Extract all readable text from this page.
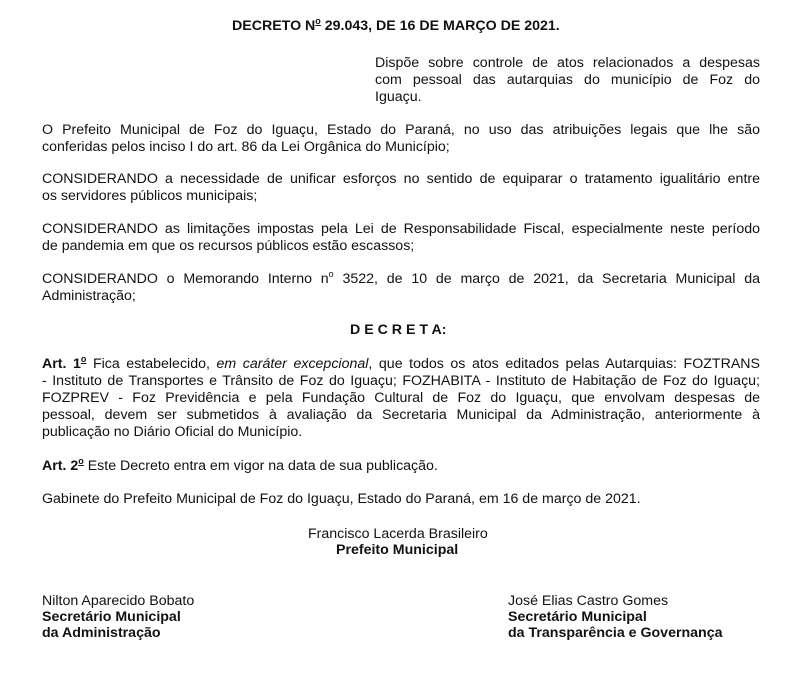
DECRETO $N^o$ 29.043, DE 16 DE MARÇO DE 2021.
Dispõe sobre controle de atos relacionados a despesas
com pessoal das autarquias do município de Foz do
Iguaçu.
O Prefeito Municipal de Foz do Iguaçu, Estado do Paraná, no uso das atribuições legais que lhe são
conferidas pelos inciso I do art. 86 da Lei Orgânica do Município;
CONSIDERANDO a necessidade de unificar esforços no sentido de equiparar o tratamento igualitário entre
os servidores públicos municipais;
CONSIDERANDO as limitações impostas pela Lei de Responsabilidade Fiscal, especialmente neste período
de pandemia em que os recursos públicos estão escassos;
CONSIDERANDO o Memorando Interno $n^o$ 3522, de 10 de março de 2021, da Secretaria Municipal da
Administração;
D E C R E T A:
Art. 1$^o$ Fica estabelecido, em caráter excepcional, que todos os atos editados pelas Autarquias: FOZTRANS
- Instituto de Transportes e Trânsito de Foz do Iguaçu; FOZHABITA - Instituto de Habitação de Foz do Iguaçu;
FOZPREV - Foz Previdência e pela Fundação Cultural de Foz do Iguaçu, que envolvam despesas de
pessoal, devem ser submetidos à avaliação da Secretaria Municipal da Administração, anteriormente à
publicação no Diário Oficial do Município.
Art. 2$^o$ Este Decreto entra em vigor na data de sua publicação.
Gabinete do Prefeito Municipal de Foz do Iguaçu, Estado do Paraná, em 16 de março de 2021.
Francisco Lacerda Brasileiro
Prefeito Municipal
Nilton Aparecido Bobato
Secretário Municipal
da Administração
José Elias Castro Gomes
Secretário Municipal
da Transparência e Governança
